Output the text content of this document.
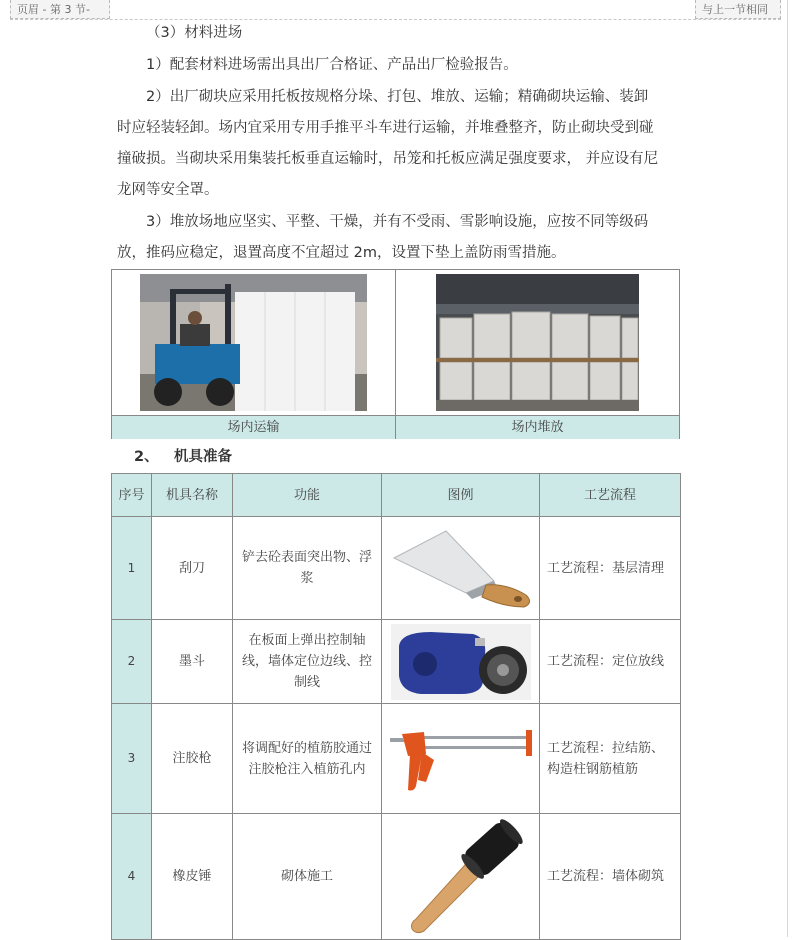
页眉 - 第 3 节-	与上一节相同

（3）材料进场

1）配套材料进场需出具出厂合格证、产品出厂检验报告。

2）出厂砌块应采用托板按规格分垛、打包、堆放、运输；精确砌块运输、装卸时应轻装轻卸。场内宜采用专用手推平斗车进行运输，并堆叠整齐，防止砌块受到碰撞破损。当砌块采用集装托板垂直运输时，吊笼和托板应满足强度要求， 并应设有尼龙网等安全罩。

3）堆放场地应坚实、平整、干燥，并有不受雨、雪影响设施，应按不同等级码放，推码应稳定，退置高度不宜超过 2m，设置下垫上盖防雨雪措施。

场内运输	场内堆放
2、 机具准备
序号	机具名称	功能	图例	工艺流程
1	刮刀	铲去砼表面突出物、浮浆		工艺流程：基层清理
2	墨斗	在板面上弹出控制轴线，墙体定位边线、控制线		工艺流程：定位放线
3	注胶枪	将调配好的植筋胶通过注胶枪注入植筋孔内		工艺流程：拉结筋、构造柱钢筋植筋
4	橡皮锤	砌体施工		工艺流程：墙体砌筑
